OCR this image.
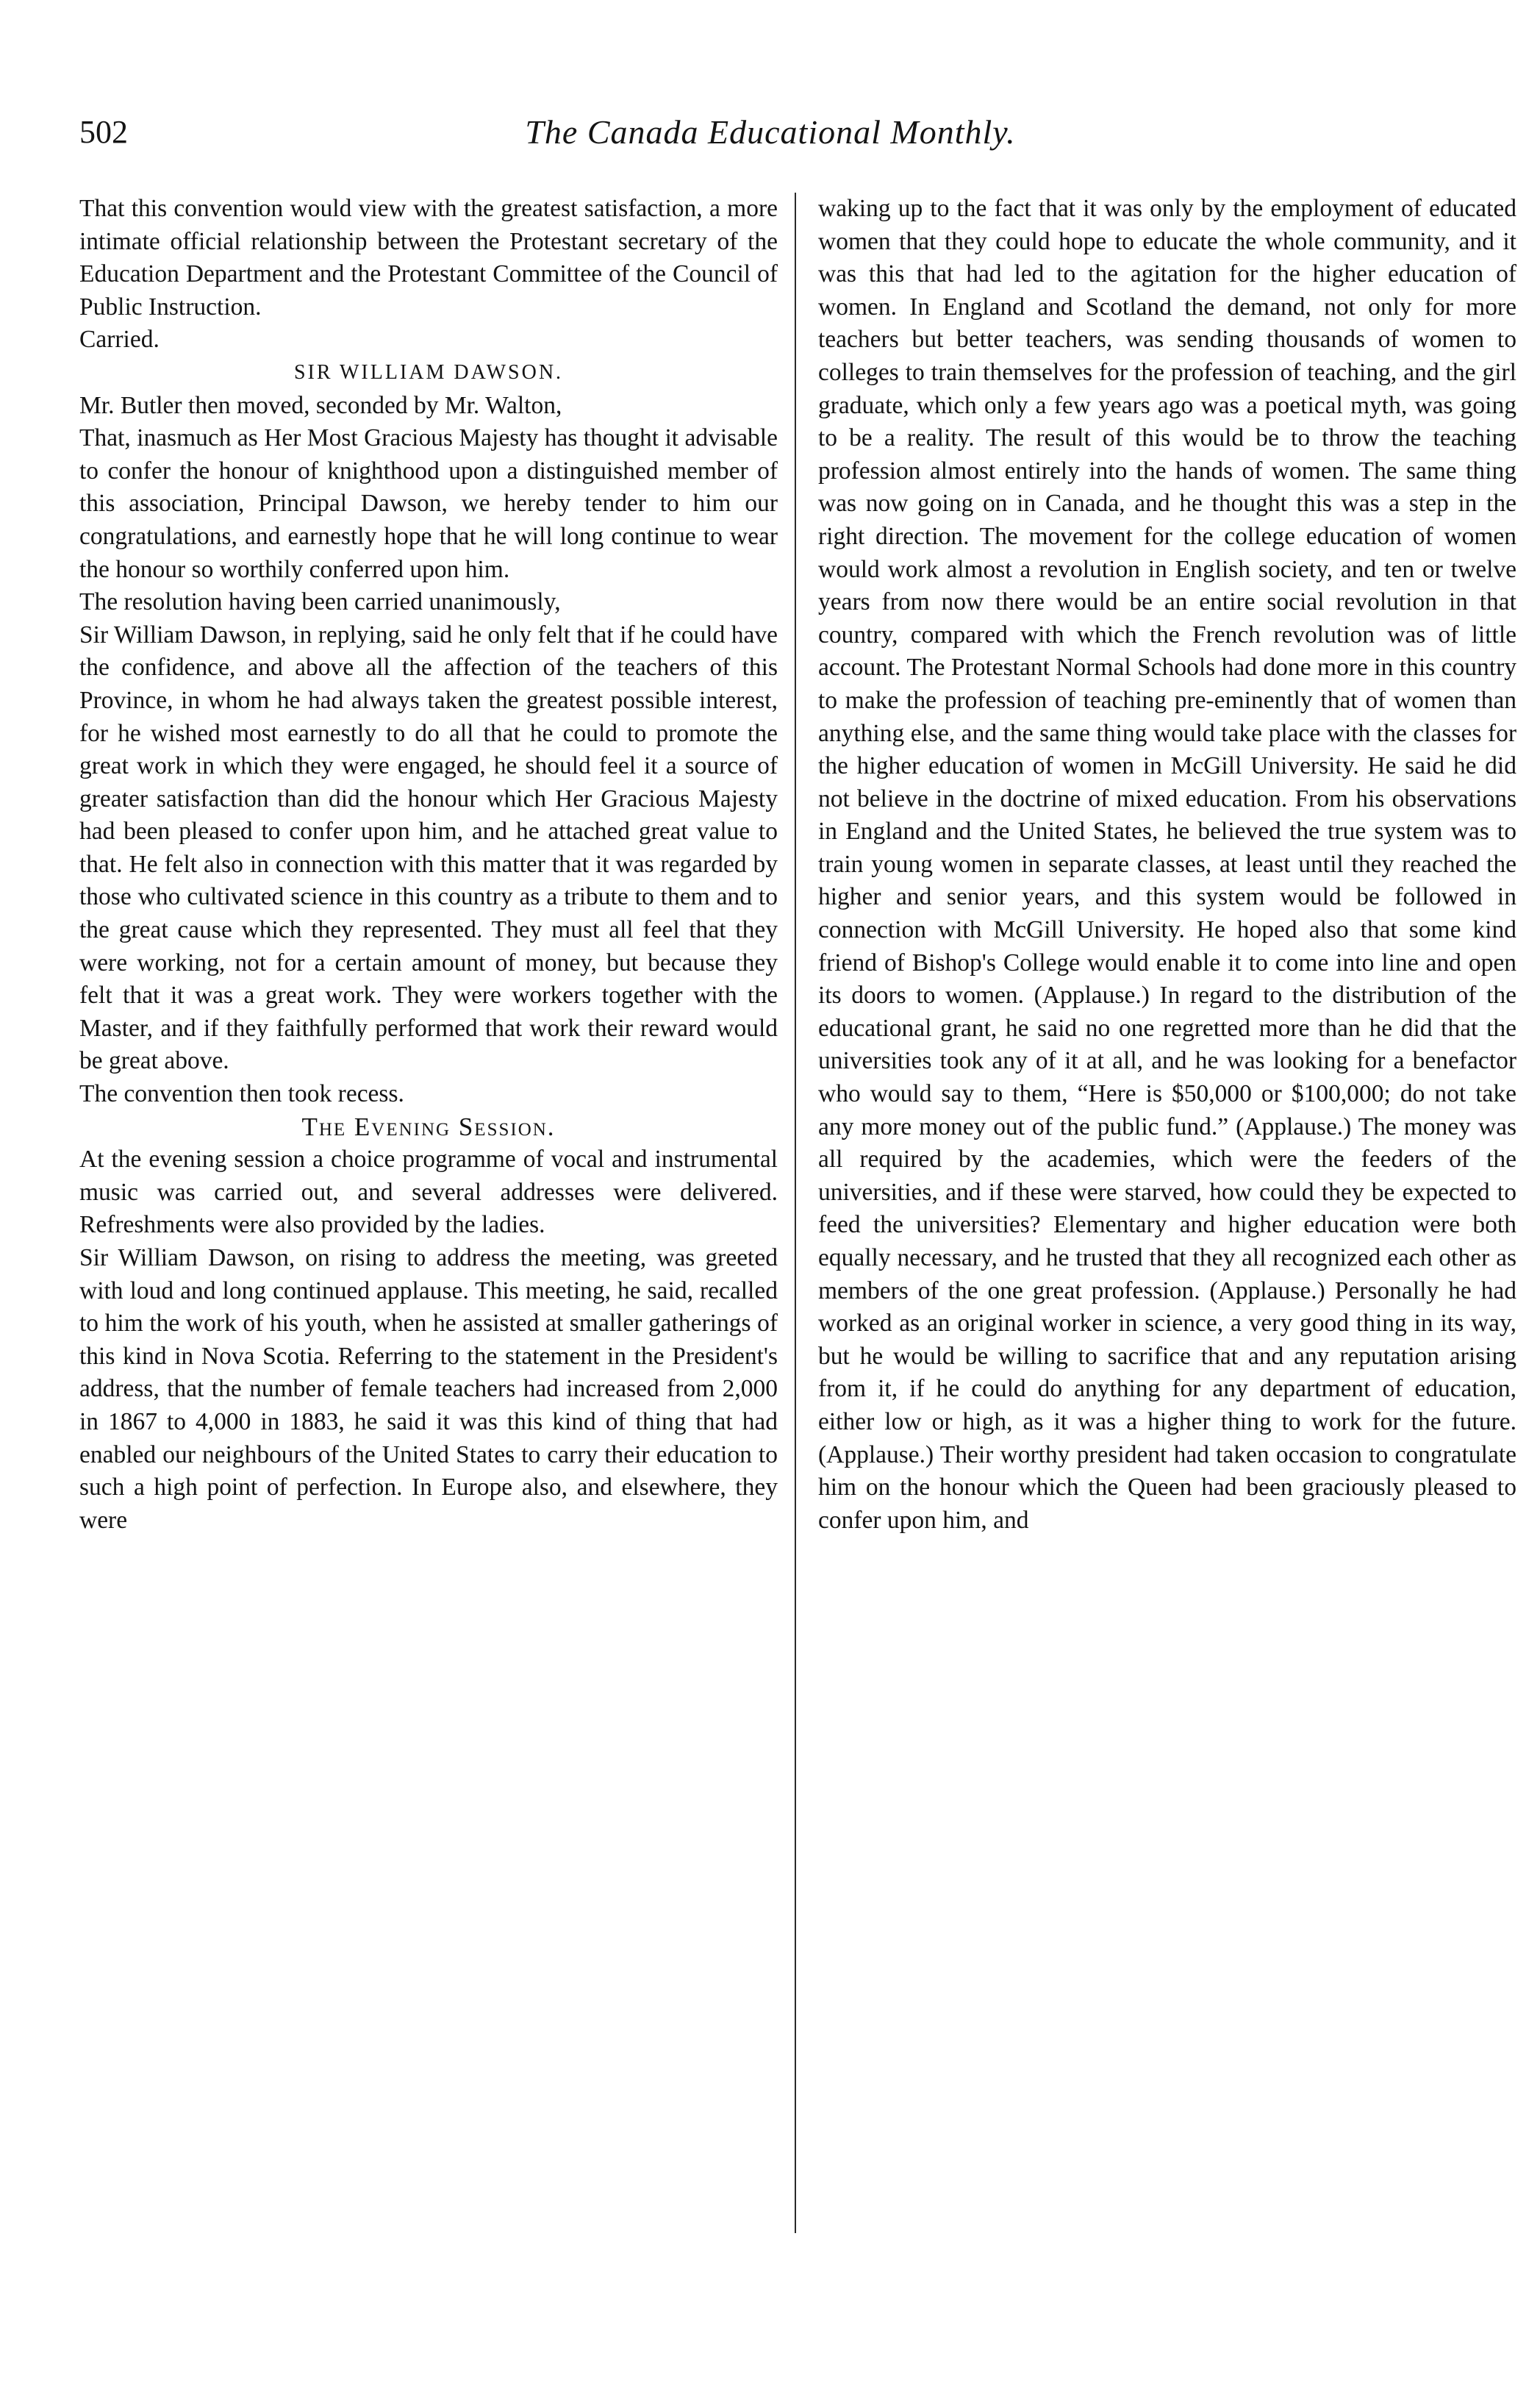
502	The Canada Educational Monthly.

That this convention would view with the greatest satisfaction, a more intimate official relationship between the Protestant secretary of the Education Department and the Protestant Committee of the Council of Public Instruction.

Carried.

SIR WILLIAM DAWSON.

Mr. Butler then moved, seconded by Mr. Walton,

That, inasmuch as Her Most Gracious Majesty has thought it advisable to confer the honour of knighthood upon a distinguished member of this association, Principal Dawson, we hereby tender to him our congratulations, and earnestly hope that he will long continue to wear the honour so worthily conferred upon him.

The resolution having been carried unanimously,

Sir William Dawson, in replying, said he only felt that if he could have the confidence, and above all the affection of the teachers of this Province, in whom he had always taken the greatest possible interest, for he wished most earnestly to do all that he could to promote the great work in which they were engaged, he should feel it a source of greater satisfaction than did the honour which Her Gracious Majesty had been pleased to confer upon him, and he attached great value to that. He felt also in connection with this matter that it was regarded by those who cultivated science in this country as a tribute to them and to the great cause which they represented. They must all feel that they were working, not for a certain amount of money, but because they felt that it was a great work. They were workers together with the Master, and if they faithfully performed that work their reward would be great above.

The convention then took recess.

The Evening Session.

At the evening session a choice programme of vocal and instrumental music was carried out, and several addresses were delivered. Refreshments were also provided by the ladies.

Sir William Dawson, on rising to address the meeting, was greeted with loud and long continued applause. This meeting, he said, recalled to him the work of his youth, when he assisted at smaller gatherings of this kind in Nova Scotia. Referring to the statement in the President's address, that the number of female teachers had increased from 2,000 in 1867 to 4,000 in 1883, he said it was this kind of thing that had enabled our neighbours of the United States to carry their education to such a high point of perfection. In Europe also, and elsewhere, they were

waking up to the fact that it was only by the employment of educated women that they could hope to educate the whole community, and it was this that had led to the agitation for the higher education of women. In England and Scotland the demand, not only for more teachers but better teachers, was sending thousands of women to colleges to train themselves for the profession of teaching, and the girl graduate, which only a few years ago was a poetical myth, was going to be a reality. The result of this would be to throw the teaching profession almost entirely into the hands of women. The same thing was now going on in Canada, and he thought this was a step in the right direction. The movement for the college education of women would work almost a revolution in English society, and ten or twelve years from now there would be an entire social revolution in that country, compared with which the French revolution was of little account. The Protestant Normal Schools had done more in this country to make the profession of teaching pre-eminently that of women than anything else, and the same thing would take place with the classes for the higher education of women in McGill University. He said he did not believe in the doctrine of mixed education. From his observations in England and the United States, he believed the true system was to train young women in separate classes, at least until they reached the higher and senior years, and this system would be followed in connection with McGill University. He hoped also that some kind friend of Bishop's College would enable it to come into line and open its doors to women. (Applause.) In regard to the distribution of the educational grant, he said no one regretted more than he did that the universities took any of it at all, and he was looking for a benefactor who would say to them, “Here is $50,000 or $100,000; do not take any more money out of the public fund.” (Applause.) The money was all required by the academies, which were the feeders of the universities, and if these were starved, how could they be expected to feed the universities? Elementary and higher education were both equally necessary, and he trusted that they all recognized each other as members of the one great profession. (Applause.) Personally he had worked as an original worker in science, a very good thing in its way, but he would be willing to sacrifice that and any reputation arising from it, if he could do anything for any department of education, either low or high, as it was a higher thing to work for the future. (Applause.) Their worthy president had taken occasion to congratulate him on the honour which the Queen had been graciously pleased to confer upon him, and
